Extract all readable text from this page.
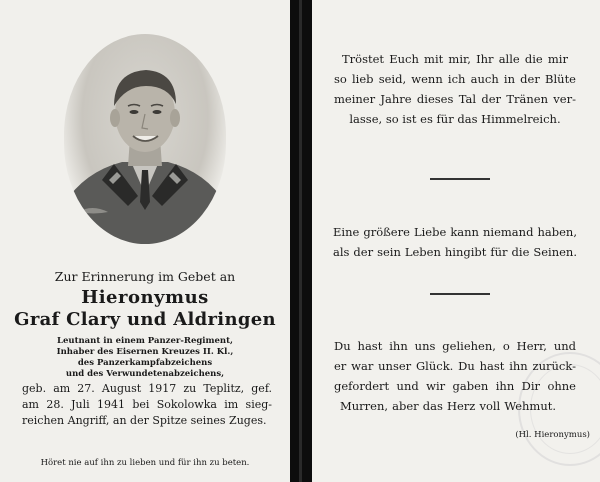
Zur Erinnerung im Gebet an
Hieronymus
Graf Clary und Aldringen
Leutnant in einem Panzer-Regiment,
Inhaber des Eisernen Kreuzes II. Kl.,
des Panzerkampfabzeichens
und des Verwundetenabzeichens,
geb. am 27. August 1917 zu Teplitz, gef.
am 28. Juli 1941 bei Sokolowka im sieg-
reichen Angriff, an der Spitze seines Zuges.
Höret nie auf ihn zu lieben und für ihn zu beten.
Tröstet Euch mit mir, Ihr alle die mir
so lieb seid, wenn ich auch in der Blüte
meiner Jahre dieses Tal der Tränen ver-
lasse, so ist es für das Himmelreich.
Eine größere Liebe kann niemand haben,
als der sein Leben hingibt für die Seinen.
Du hast ihn uns geliehen, o Herr, und
er war unser Glück. Du hast ihn zurück-
gefordert und wir gaben ihn Dir ohne
Murren, aber das Herz voll Wehmut.
(Hl. Hieronymus)
